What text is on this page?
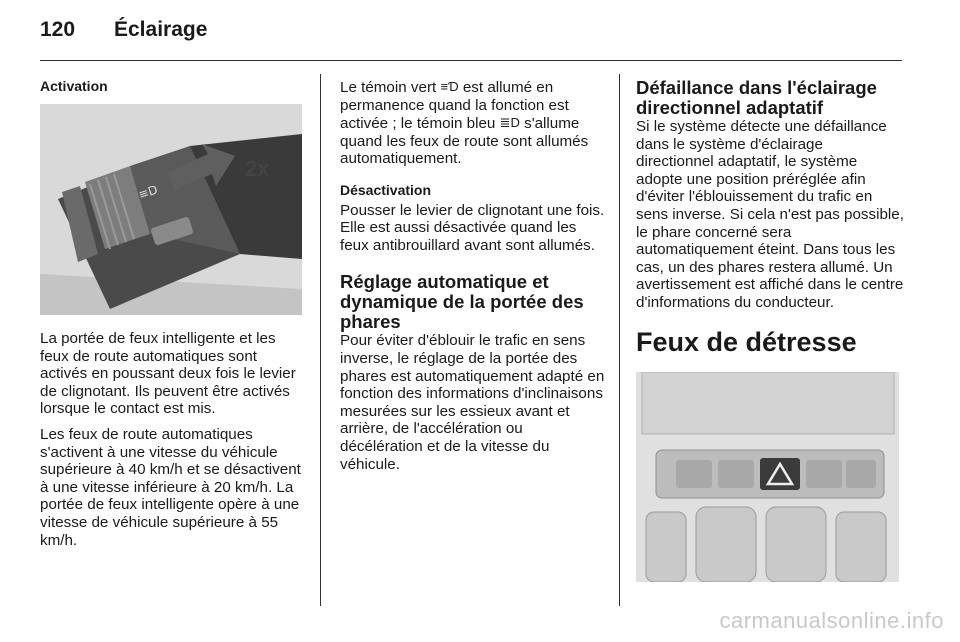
120 Éclairage
Activation
≡D
2x

La portée de feux intelligente et les feux de route automatiques sont activés en poussant deux fois le levier de clignotant. Ils peuvent être activés lorsque le contact est mis.

Les feux de route automatiques s'activent à une vitesse du véhicule supérieure à 40 km/h et se désactivent à une vitesse inférieure à 20 km/h. La portée de feux intelligente opère à une vitesse de véhicule supérieure à 55 km/h.

Le témoin vert ≡Ɗ est allumé en permanence quand la fonction est activée ; le témoin bleu ≣D s'allume quand les feux de route sont allumés automatiquement.

Désactivation

Pousser le levier de clignotant une fois. Elle est aussi désactivée quand les feux antibrouillard avant sont allumés.

Réglage automatique et dynamique de la portée des phares

Pour éviter d'éblouir le trafic en sens inverse, le réglage de la portée des phares est automatiquement adapté en fonction des informations d'inclinaisons mesurées sur les essieux avant et arrière, de l'accélération ou décélération et de la vitesse du véhicule.

Défaillance dans l'éclairage directionnel adaptatif

Si le système détecte une défaillance dans le système d'éclairage directionnel adaptatif, le système adopte une position préréglée afin d'éviter l'éblouissement du trafic en sens inverse. Si cela n'est pas possible, le phare concerné sera automatiquement éteint. Dans tous les cas, un des phares restera allumé. Un avertissement est affiché dans le centre d'informations du conducteur.

Feux de détresse
carmanualsonline.info
